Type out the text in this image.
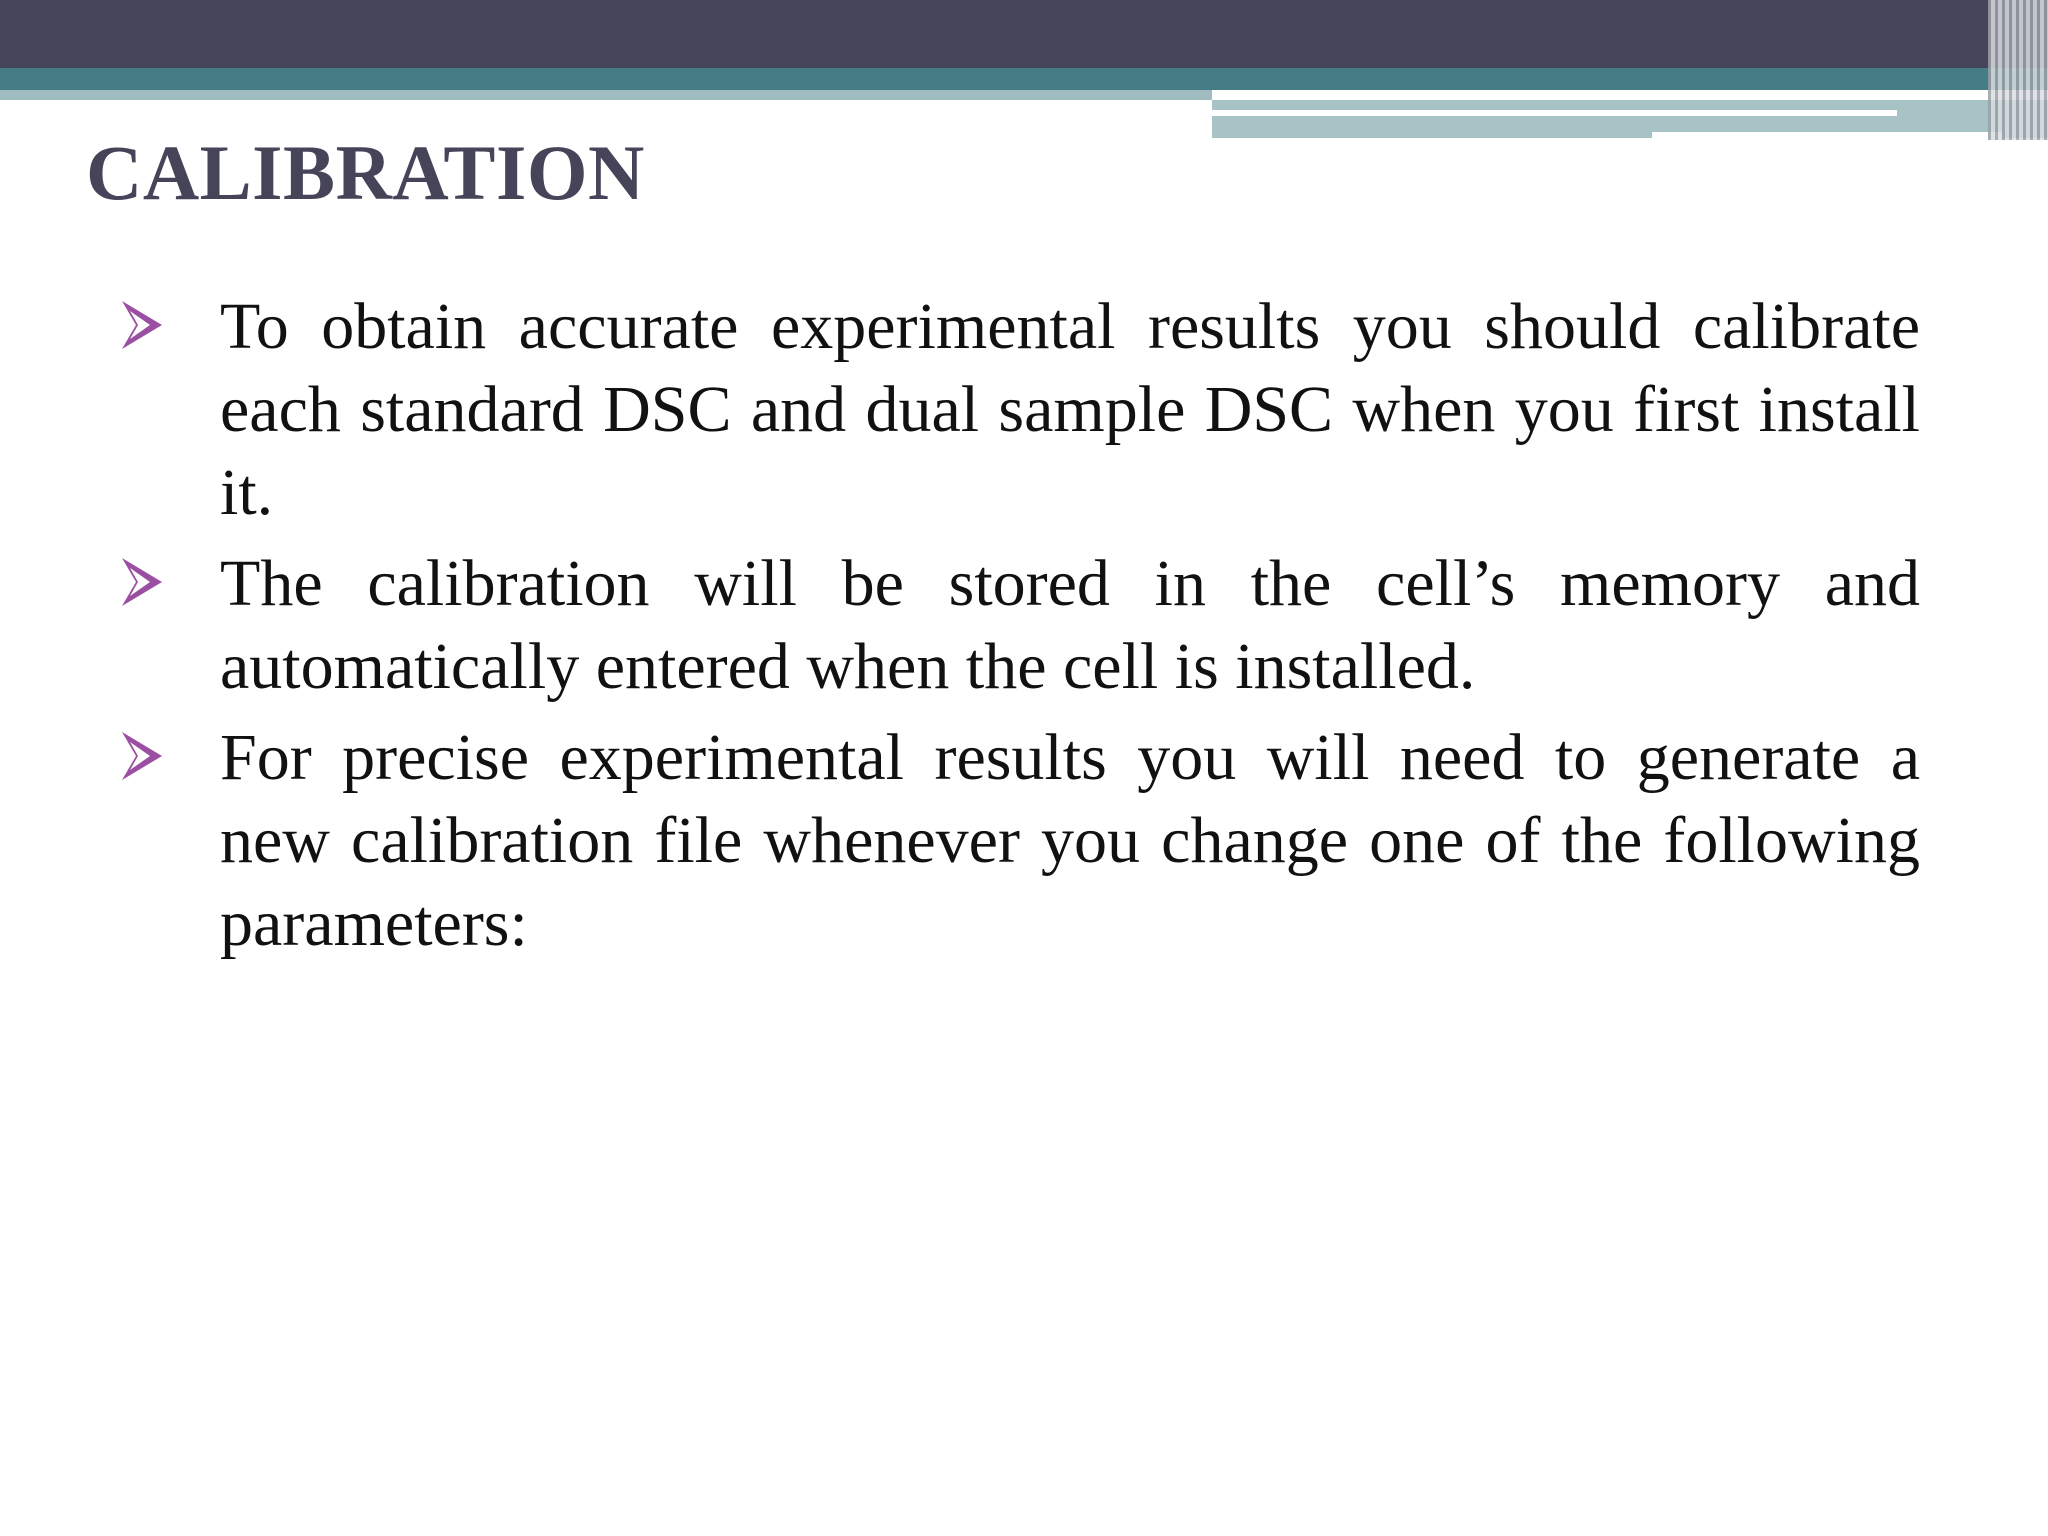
CALIBRATION
To obtain accurate experimental results you should calibrate each standard DSC and dual sample DSC when you first install it.
The calibration will be stored in the cell’s memory and automatically entered when the cell is installed.
For precise experimental results you will need to generate a new calibration file whenever you change one of the following parameters:
